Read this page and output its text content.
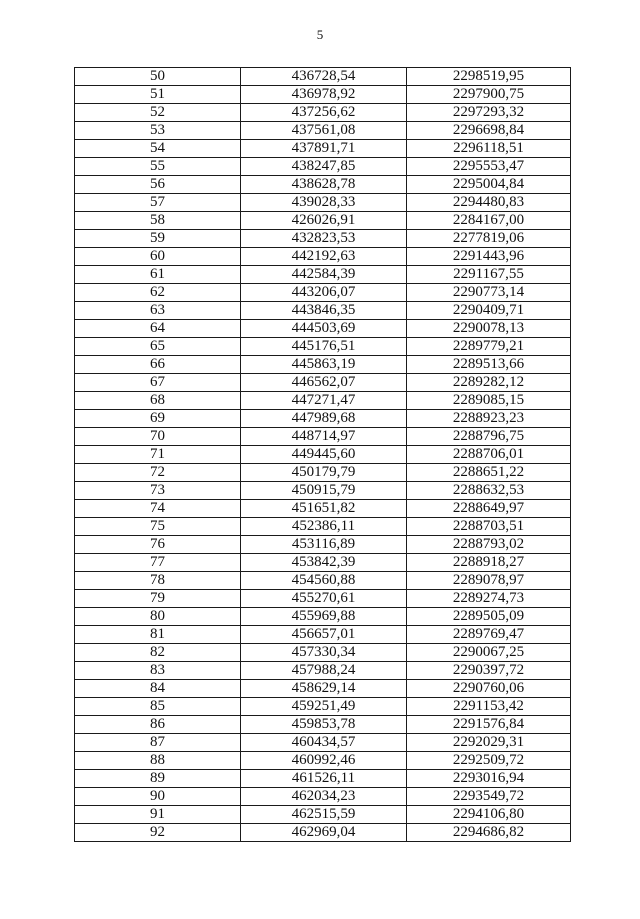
5
50	436728,54	2298519,95
51	436978,92	2297900,75
52	437256,62	2297293,32
53	437561,08	2296698,84
54	437891,71	2296118,51
55	438247,85	2295553,47
56	438628,78	2295004,84
57	439028,33	2294480,83
58	426026,91	2284167,00
59	432823,53	2277819,06
60	442192,63	2291443,96
61	442584,39	2291167,55
62	443206,07	2290773,14
63	443846,35	2290409,71
64	444503,69	2290078,13
65	445176,51	2289779,21
66	445863,19	2289513,66
67	446562,07	2289282,12
68	447271,47	2289085,15
69	447989,68	2288923,23
70	448714,97	2288796,75
71	449445,60	2288706,01
72	450179,79	2288651,22
73	450915,79	2288632,53
74	451651,82	2288649,97
75	452386,11	2288703,51
76	453116,89	2288793,02
77	453842,39	2288918,27
78	454560,88	2289078,97
79	455270,61	2289274,73
80	455969,88	2289505,09
81	456657,01	2289769,47
82	457330,34	2290067,25
83	457988,24	2290397,72
84	458629,14	2290760,06
85	459251,49	2291153,42
86	459853,78	2291576,84
87	460434,57	2292029,31
88	460992,46	2292509,72
89	461526,11	2293016,94
90	462034,23	2293549,72
91	462515,59	2294106,80
92	462969,04	2294686,82
